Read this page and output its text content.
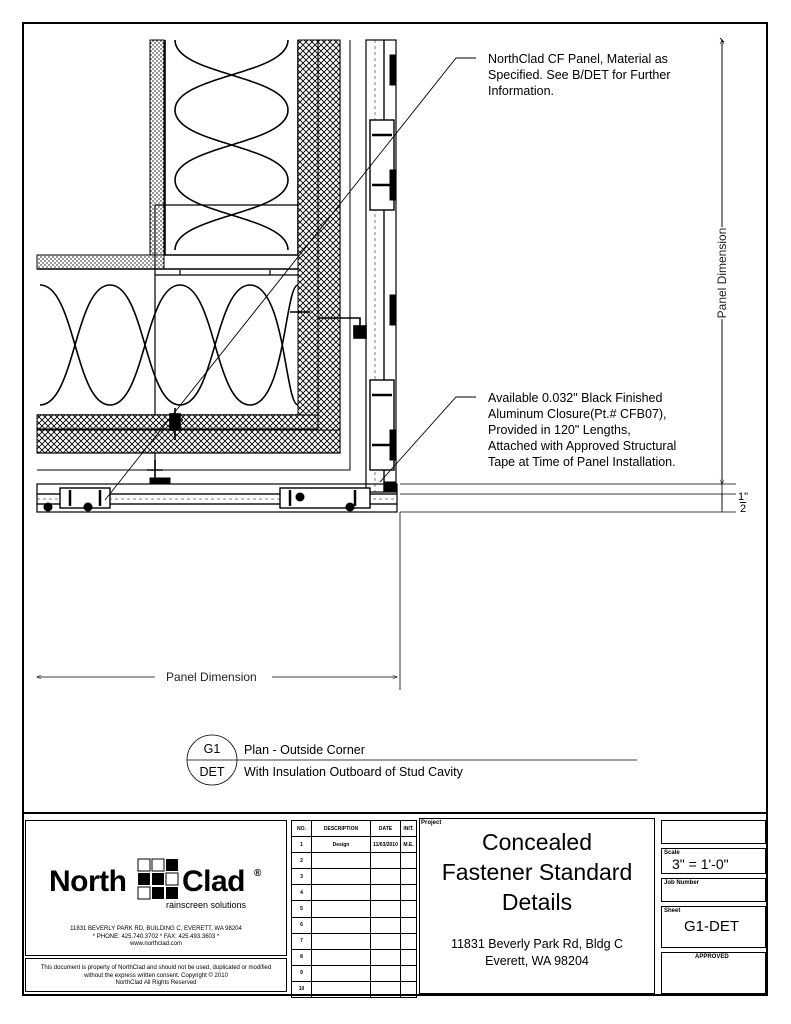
NorthClad CF Panel, Material as
Specified. See B/DET for Further
Information.
Available 0.032" Black Finished
Aluminum Closure(Pt.# CFB07),
Provided in 120" Lengths,
Attached with Approved Structural
Tape at Time of Panel Installation.
Panel Dimension
Panel Dimension
1"
2
G1
DET
Plan - Outside Corner
With Insulation Outboard of Stud Cavity
North Clad ®
rainscreen solutions
11831 BEVERLY PARK RD, BUILDING C, EVERETT, WA 98204
* PHONE: 425.740.3702 * FAX: 425.493.3603 *
www.northclad.com
This document is property of NorthClad and should not be used, duplicated or modified
without the express written consent. Copyright © 2010
NorthClad All Rights Reserved
NO.	DESCRIPTION	DATE	INIT.
1	Design	11/03/2010	M.E.
2			
3			
4			
5			
6			
7			
8			
9			
10			
Project
Concealed
Fastener Standard
Details
11831 Beverly Park Rd, Bldg C
Everett, WA 98204
Scale
3" = 1'-0"
Job Number
Sheet
G1-DET
APPROVED
